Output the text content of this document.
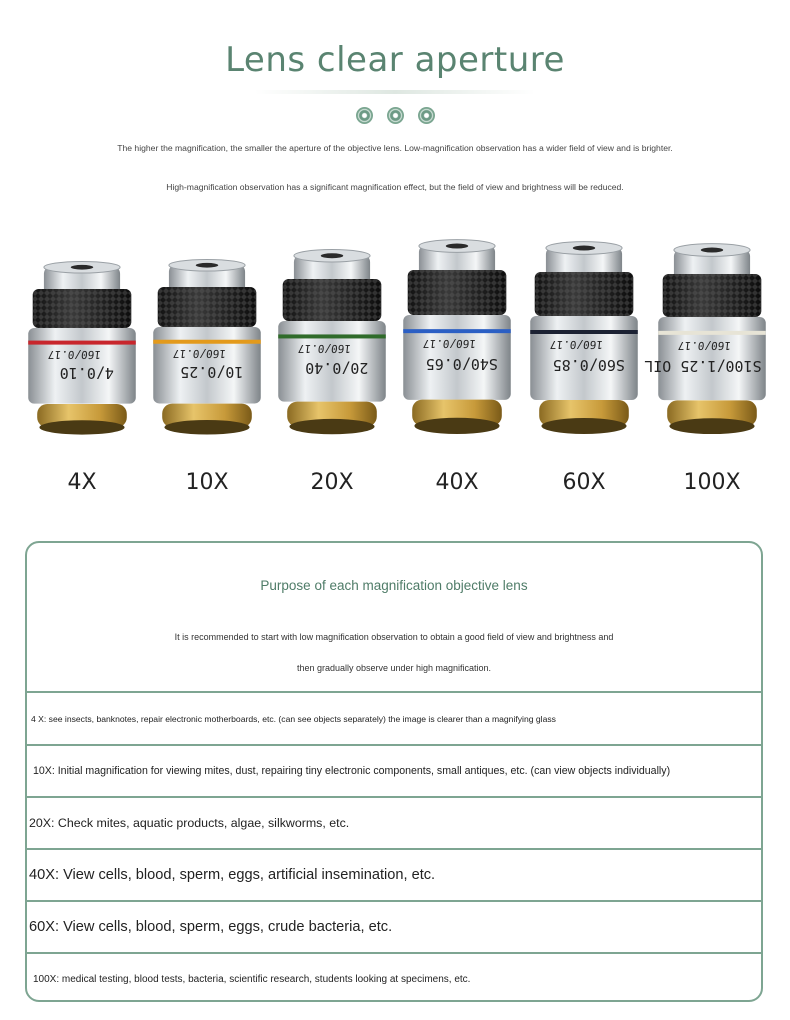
Lens clear aperture
The higher the magnification, the smaller the aperture of the objective lens. Low-magnification observation has a wider field of view and is brighter.
High-magnification observation has a significant magnification effect, but the field of view and brightness will be reduced.
160/0.17
4/0.10
160/0.17
10/0.25
160/0.17
20/0.40
160/0.17
S40/0.65
160/0.17
S60/0.85
160/0.17
S100/1.25 OIL
Purpose of each magnification objective lens
It is recommended to start with low magnification observation to obtain a good field of view and brightness and
then gradually observe under high magnification.
4 X: see insects, banknotes, repair electronic motherboards, etc. (can see objects separately) the image is clearer than a magnifying glass
10X: Initial magnification for viewing mites, dust, repairing tiny electronic components, small antiques, etc. (can view objects individually)
20X: Check mites, aquatic products, algae, silkworms, etc.
40X: View cells, blood, sperm, eggs, artificial insemination, etc.
60X: View cells, blood, sperm, eggs, crude bacteria, etc.
100X: medical testing, blood tests, bacteria, scientific research, students looking at specimens, etc.
4X	10X	20X	40X	60X	100X
